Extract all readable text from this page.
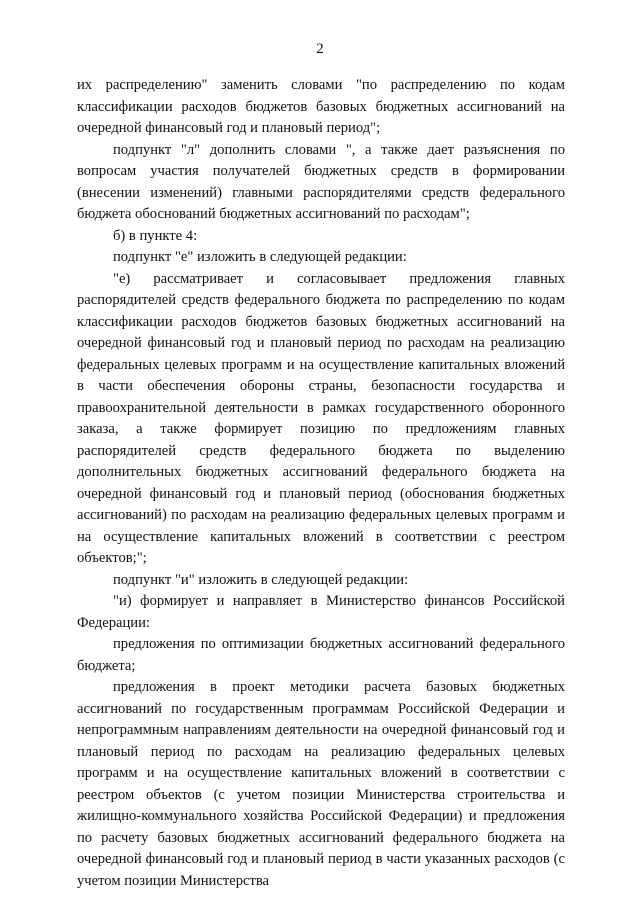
2

их распределению" заменить словами "по распределению по кодам классификации расходов бюджетов базовых бюджетных ассигнований на очередной финансовый год и плановый период";

подпункт "л" дополнить словами ", а также дает разъяснения по вопросам участия получателей бюджетных средств в формировании (внесении изменений) главными распорядителями средств федерального бюджета обоснований бюджетных ассигнований по расходам";

б) в пункте 4:

подпункт "е" изложить в следующей редакции:

"е) рассматривает и согласовывает предложения главных распорядителей средств федерального бюджета по распределению по кодам классификации расходов бюджетов базовых бюджетных ассигнований на очередной финансовый год и плановый период по расходам на реализацию федеральных целевых программ и на осуществление капитальных вложений в части обеспечения обороны страны, безопасности государства и правоохранительной деятельности в рамках государственного оборонного заказа, а также формирует позицию по предложениям главных распорядителей средств федерального бюджета по выделению дополнительных бюджетных ассигнований федерального бюджета на очередной финансовый год и плановый период (обоснования бюджетных ассигнований) по расходам на реализацию федеральных целевых программ и на осуществление капитальных вложений в соответствии с реестром объектов;";

подпункт "и" изложить в следующей редакции:

"и) формирует и направляет в Министерство финансов Российской Федерации:

предложения по оптимизации бюджетных ассигнований федерального бюджета;

предложения в проект методики расчета базовых бюджетных ассигнований по государственным программам Российской Федерации и непрограммным направлениям деятельности на очередной финансовый год и плановый период по расходам на реализацию федеральных целевых программ и на осуществление капитальных вложений в соответствии с реестром объектов (с учетом позиции Министерства строительства и жилищно-коммунального хозяйства Российской Федерации) и предложения по расчету базовых бюджетных ассигнований федерального бюджета на очередной финансовый год и плановый период в части указанных расходов (с учетом позиции Министерства
